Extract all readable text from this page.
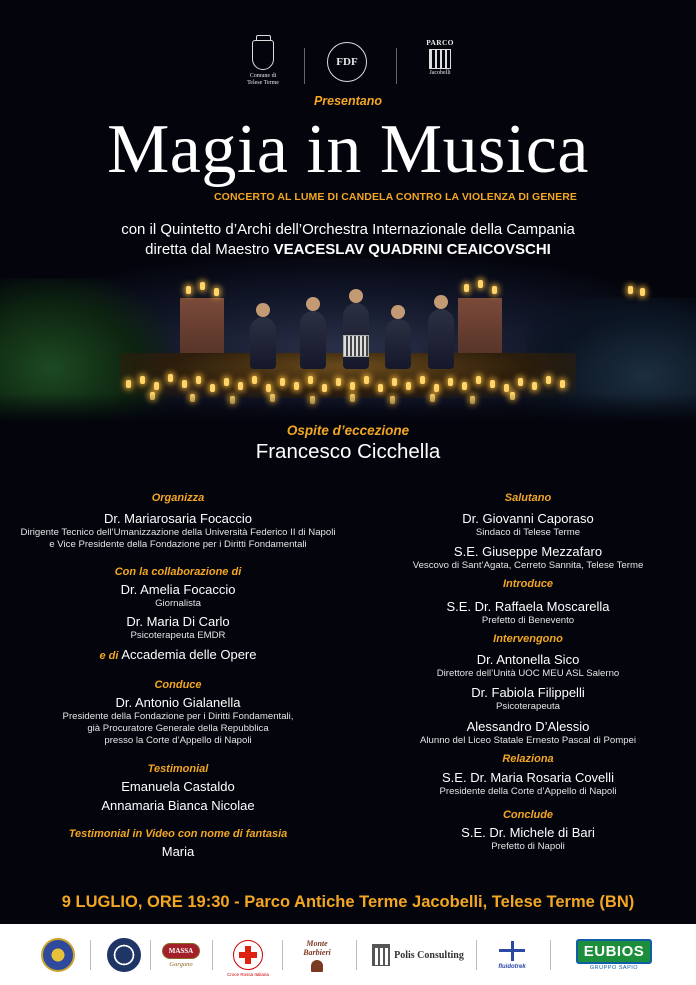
Comune di
Telese Terme
FDF
PARCO
Jacobelli
Presentano
Magia in Musica
CONCERTO AL LUME DI CANDELA CONTRO LA VIOLENZA DI GENERE
con il Quintetto d’Archi dell’Orchestra Internazionale della Campania
diretta dal Maestro VEACESLAV QUADRINI CEAICOVSCHI
Ospite d’eccezione
Francesco Cicchella
Organizza
Dr. Mariarosaria Focaccio
Dirigente Tecnico dell’Umanizzazione della Università Federico II di Napoli
e Vice Presidente della Fondazione per i Diritti Fondamentali
Con la collaborazione di
Dr. Amelia Focaccio
Giornalista
Dr. Maria Di Carlo
Psicoterapeuta EMDR
e di Accademia delle Opere
Conduce
Dr. Antonio Gialanella
Presidente della Fondazione per i Diritti Fondamentali,
già Procuratore Generale della Repubblica
presso la Corte d’Appello di Napoli
Testimonial
Emanuela Castaldo
Annamaria Bianca Nicolae
Testimonial in Video con nome di fantasia
Maria
Salutano
Dr. Giovanni Caporaso
Sindaco di Telese Terme
S.E. Giuseppe Mezzafaro
Vescovo di Sant’Agata, Cerreto Sannita, Telese Terme
Introduce
S.E. Dr. Raffaela Moscarella
Prefetto di Benevento
Intervengono
Dr. Antonella Sico
Direttore dell’Unità UOC MEU ASL Salerno
Dr. Fabiola Filippelli
Psicoterapeuta
Alessandro D’Alessio
Alunno del Liceo Statale Ernesto Pascal di Pompei
Relaziona
S.E. Dr. Maria Rosaria Covelli
Presidente della Corte d’Appello di Napoli
Conclude
S.E. Dr. Michele di Bari
Prefetto di Napoli
9 LUGLIO, ORE 19:30 - Parco Antiche Terme Jacobelli, Telese Terme (BN)
MASSA
Gargano
Croce Rossa Italiana
Monte Barbieri	Polis Consulting
fluidotrek
EUBIOS
GRUPPO SAPIO
